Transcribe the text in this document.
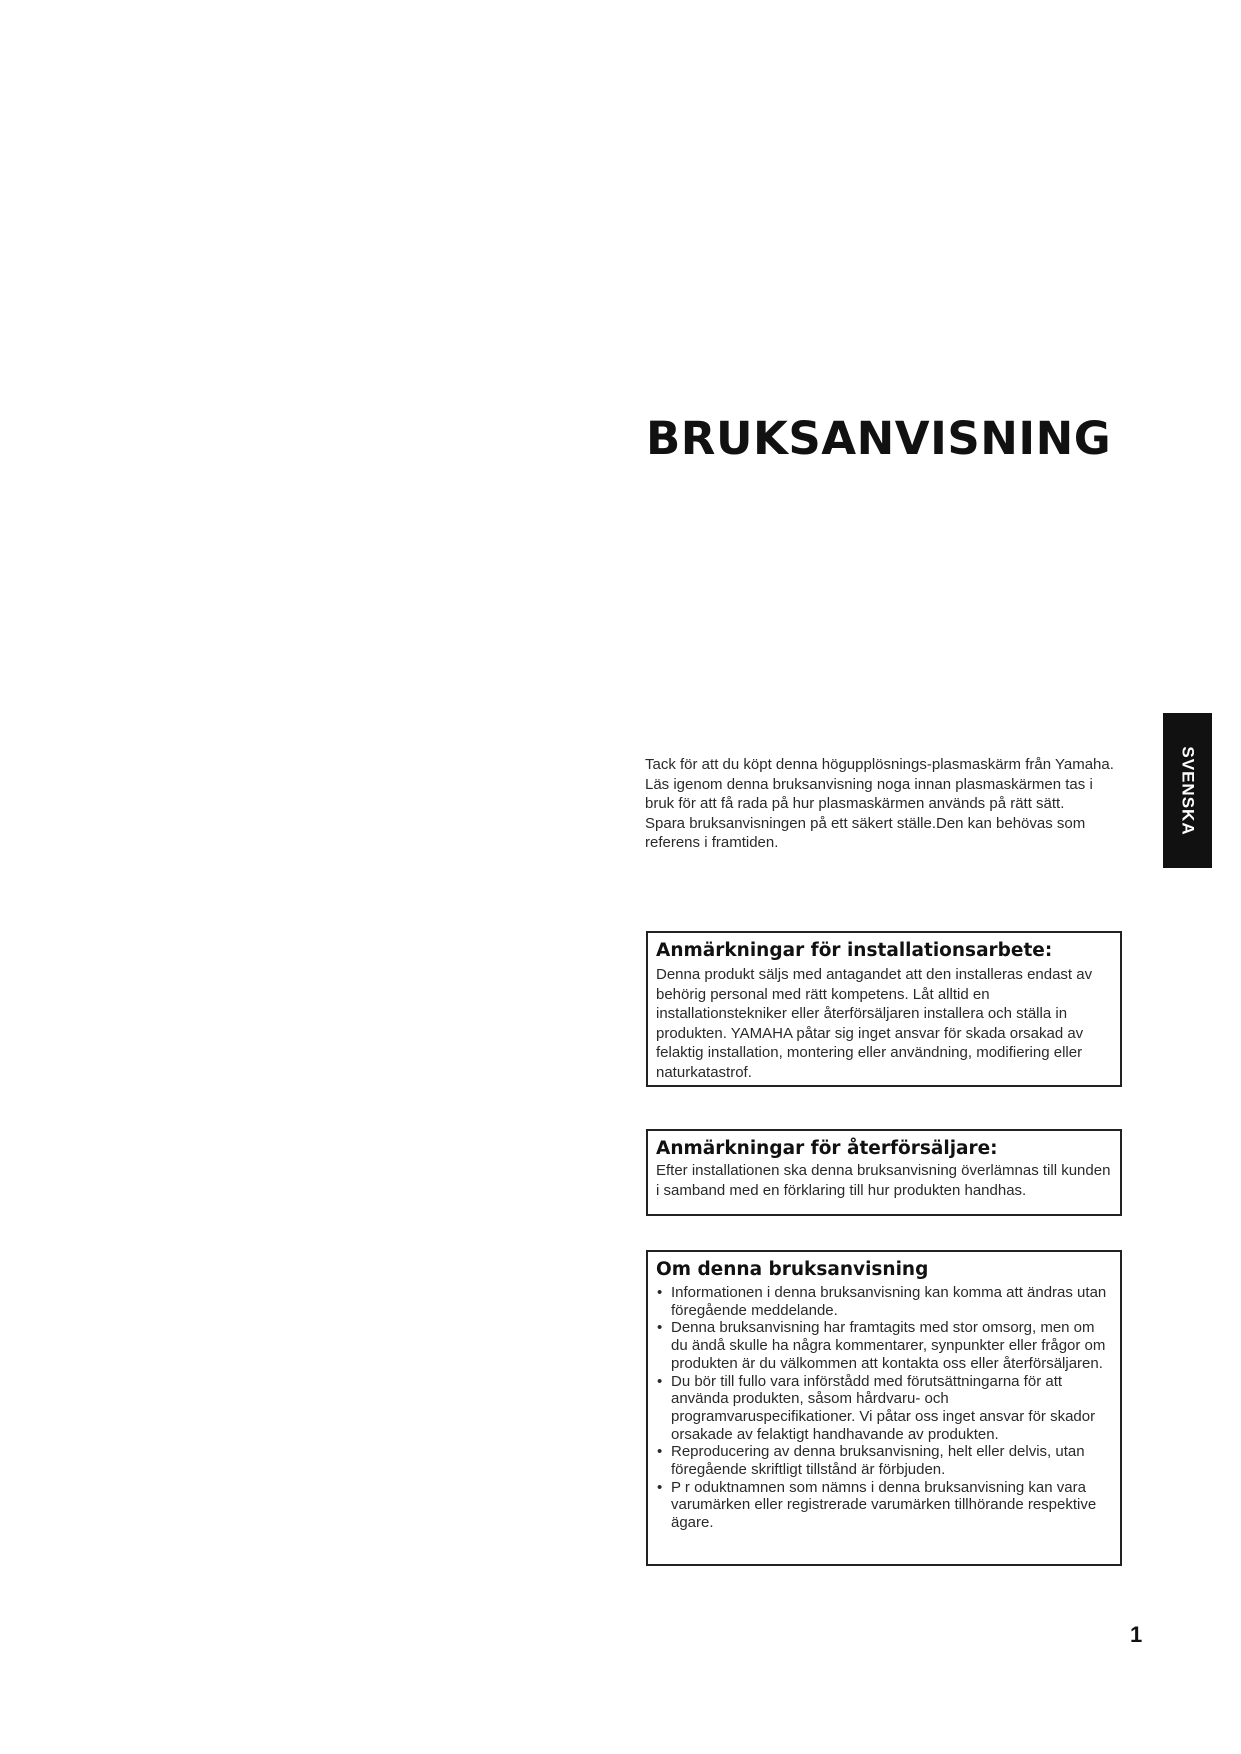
BRUKSANVISNING
SVENSKA

Tack för att du köpt denna högupplösnings-plasmaskärm från Yamaha.

Läs igenom denna bruksanvisning noga innan plasmaskärmen tas i bruk för att få rada på hur plasmaskärmen används på rätt sätt.

Spara bruksanvisningen på ett säkert ställe.Den kan behövas som referens i framtiden.

Anmärkningar för installationsarbete:

Denna produkt säljs med antagandet att den installeras endast av behörig personal med rätt kompetens. Låt alltid en installationstekniker eller återförsäljaren installera och ställa in produkten. YAMAHA påtar sig inget ansvar för skada orsakad av felaktig installation, montering eller användning, modifiering eller naturkatastrof.

Anmärkningar för återförsäljare:

Efter installationen ska denna bruksanvisning överlämnas till kunden i samband med en förklaring till hur produkten handhas.

Om denna bruksanvisning
• Informationen i denna bruksanvisning kan komma att ändras utan föregående meddelande.
• Denna bruksanvisning har framtagits med stor omsorg, men om du ändå skulle ha några kommentarer, synpunkter eller frågor om produkten är du välkommen att kontakta oss eller återförsäljaren.
• Du bör till fullo vara införstådd med förutsättningarna för att använda produkten, såsom hårdvaru- och programvaruspecifikationer. Vi påtar oss inget ansvar för skador orsakade av felaktigt handhavande av produkten.
• Reproducering av denna bruksanvisning, helt eller delvis, utan föregående skriftligt tillstånd är förbjuden.
• P r oduktnamnen som nämns i denna bruksanvisning kan vara varumärken eller registrerade varumärken tillhörande respektive ägare.
1
